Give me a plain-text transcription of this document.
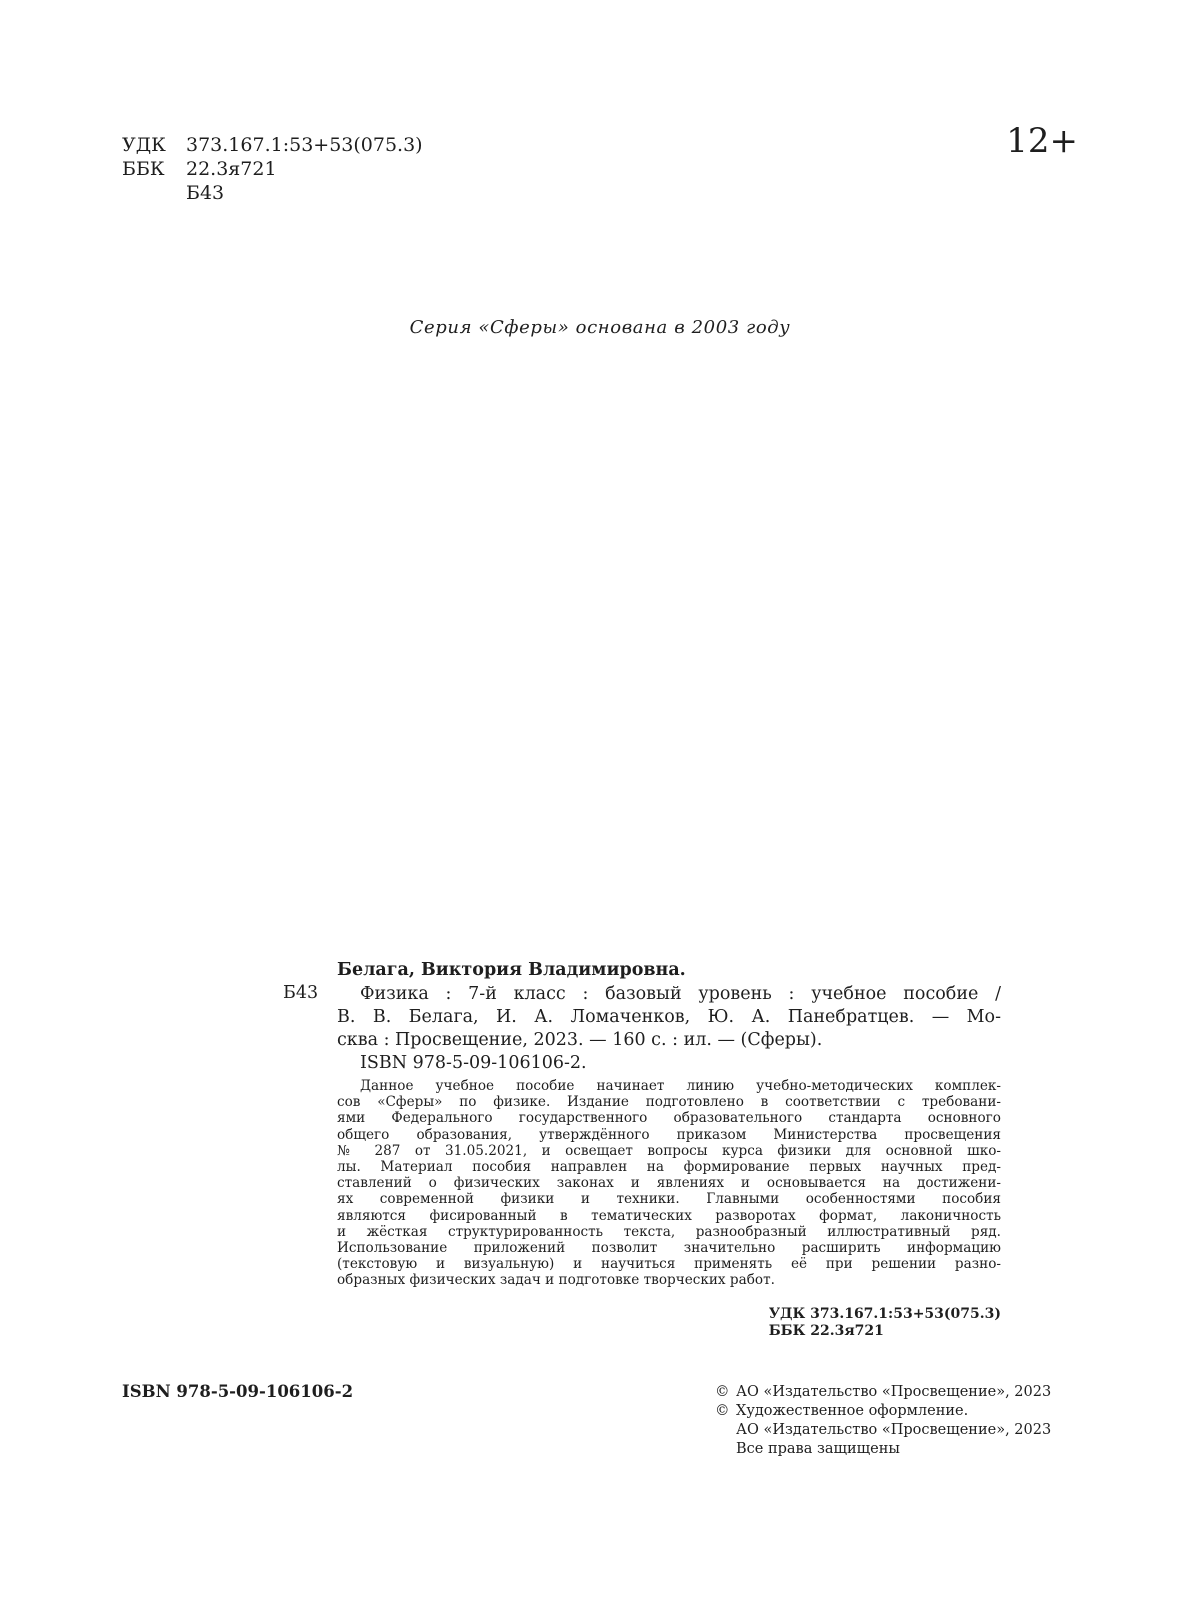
УДК	373.167.1:53+53(075.3)
ББК	22.3я721
Б43
12+
Серия «Сферы» основана в 2003 году
Белага, Виктория Владимировна.
Б43	Физика : 7-й класс : базовый уровень : учебное пособие /
В. В. Белага, И. А. Ломаченков, Ю. А. Панебратцев. — Мо-
сква : Просвещение, 2023. — 160 с. : ил. — (Сферы).
ISBN 978-5-09-106106-2.
Данное учебное пособие начинает линию учебно-методических комплек-
сов «Сферы» по физике. Издание подготовлено в соответствии с требовани-
ями Федерального государственного образовательного стандарта основного
общего образования, утверждённого приказом Министерства просвещения
№ 287 от 31.05.2021, и освещает вопросы курса физики для основной шко-
лы. Материал пособия направлен на формирование первых научных пред-
ставлений о физических законах и явлениях и основывается на достижени-
ях современной физики и техники. Главными особенностями пособия
являются фисированный в тематических разворотах формат, лаконичность
и жёсткая структурированность текста, разнообразный иллюстративный ряд.
Использование приложений позволит значительно расширить информацию
(текстовую и визуальную) и научиться применять её при решении разно-
образных физических задач и подготовке творческих работ.
УДК 373.167.1:53+53(075.3)
ББК 22.3я721
ISBN 978-5-09-106106-2	© АО «Издательство «Просвещение», 2023
© Художественное оформление.
АО «Издательство «Просвещение», 2023
Все права защищены
